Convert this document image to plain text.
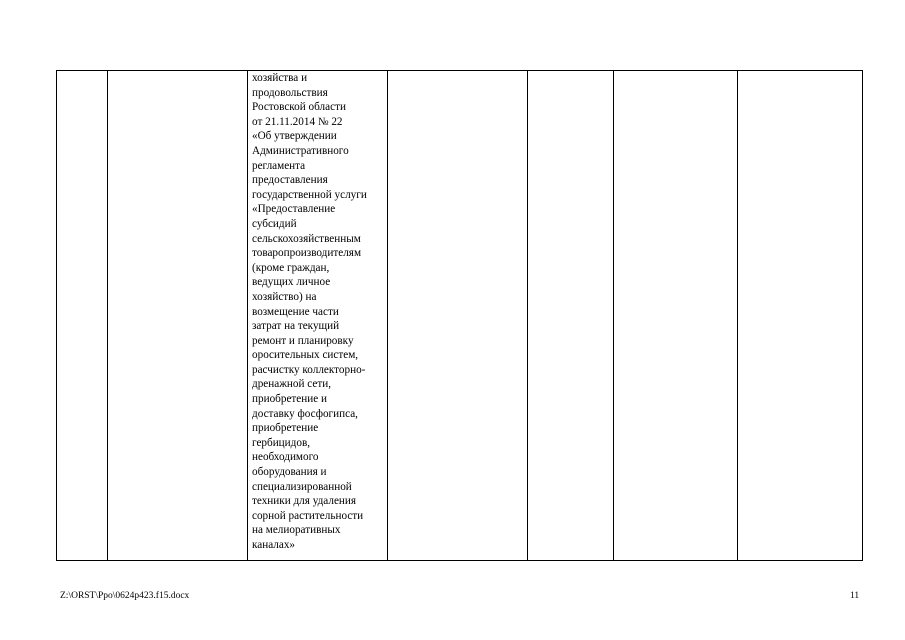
хозяйства и
продовольствия
Ростовской области
от 21.11.2014 № 22
«Об утверждении
Административного
регламента
предоставления
государственной услуги
«Предоставление
субсидий
сельскохозяйственным
товаропроизводителям
(кроме граждан,
ведущих личное
хозяйство) на
возмещение части
затрат на текущий
ремонт и планировку
оросительных систем,
расчистку коллекторно-
дренажной сети,
приобретение и
доставку фосфогипса,
приобретение
гербицидов,
необходимого
оборудования и
специализированной
техники для удаления
сорной растительности
на мелиоративных
каналах»

Z:\ORST\Ppo\0624p423.f15.docx	11
